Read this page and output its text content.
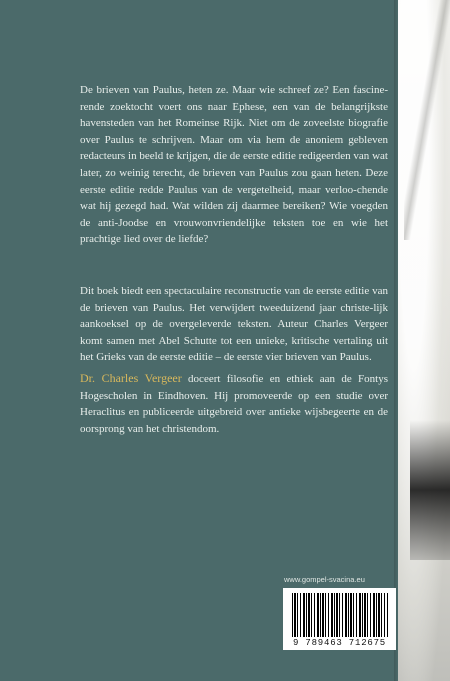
De brieven van Paulus, heten ze. Maar wie schreef ze? Een fascine-rende zoektocht voert ons naar Ephese, een van de belangrijkste havensteden van het Romeinse Rijk. Niet om de zoveelste biografie over Paulus te schrijven. Maar om via hem de anoniem gebleven redacteurs in beeld te krijgen, die de eerste editie redigeerden van wat later, zo weinig terecht, de brieven van Paulus zou gaan heten. Deze eerste editie redde Paulus van de vergetelheid, maar verloo-chende wat hij gezegd had. Wat wilden zij daarmee bereiken? Wie voegden de anti-Joodse en vrouwonvriendelijke teksten toe en wie het prachtige lied over de liefde?
Dit boek biedt een spectaculaire reconstructie van de eerste editie van de brieven van Paulus. Het verwijdert tweeduizend jaar christe-lijk aankoeksel op de overgeleverde teksten. Auteur Charles Vergeer komt samen met Abel Schutte tot een unieke, kritische vertaling uit het Grieks van de eerste editie – de eerste vier brieven van Paulus.
Dr. Charles Vergeer doceert filosofie en ethiek aan de Fontys Hogescholen in Eindhoven. Hij promoveerde op een studie over Heraclitus en publiceerde uitgebreid over antieke wijsbegeerte en de oorsprong van het christendom.
www.gompel-svacina.eu
9 789463 712675
